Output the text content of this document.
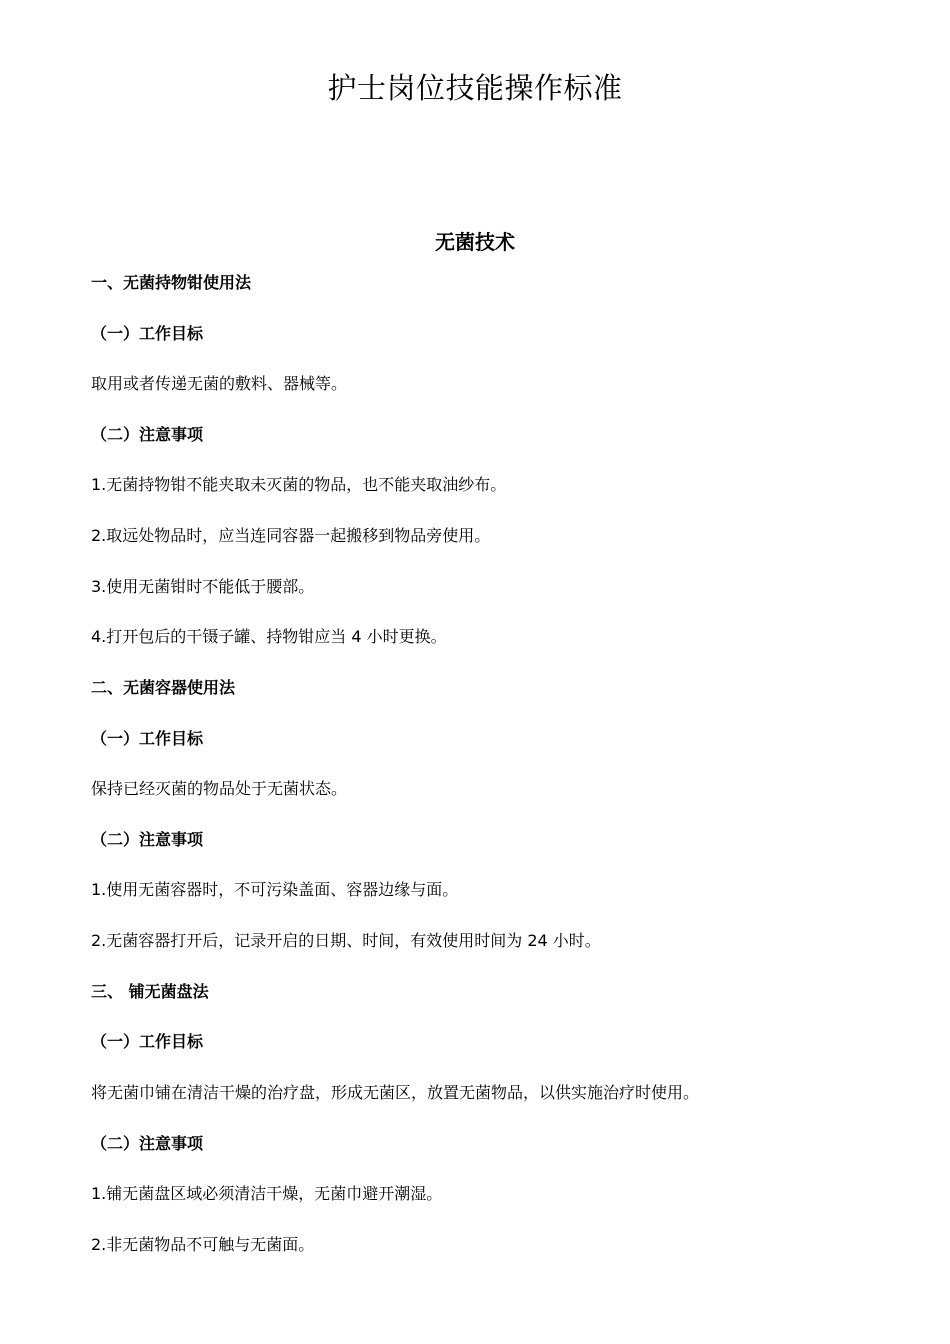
护士岗位技能操作标准
无菌技术
一、无菌持物钳使用法
（一）工作目标
取用或者传递无菌的敷料、器械等。
（二）注意事项
1.无菌持物钳不能夹取未灭菌的物品，也不能夹取油纱布。
2.取远处物品时，应当连同容器一起搬移到物品旁使用。
3.使用无菌钳时不能低于腰部。
4.打开包后的干镊子罐、持物钳应当 4 小时更换。
二、无菌容器使用法
（一）工作目标
保持已经灭菌的物品处于无菌状态。
（二）注意事项
1.使用无菌容器时，不可污染盖面、容器边缘与面。
2.无菌容器打开后，记录开启的日期、时间，有效使用时间为 24 小时。
三、 铺无菌盘法
（一）工作目标
将无菌巾铺在清洁干燥的治疗盘，形成无菌区，放置无菌物品，以供实施治疗时使用。
（二）注意事项
1.铺无菌盘区域必须清洁干燥，无菌巾避开潮湿。
2.非无菌物品不可触与无菌面。
